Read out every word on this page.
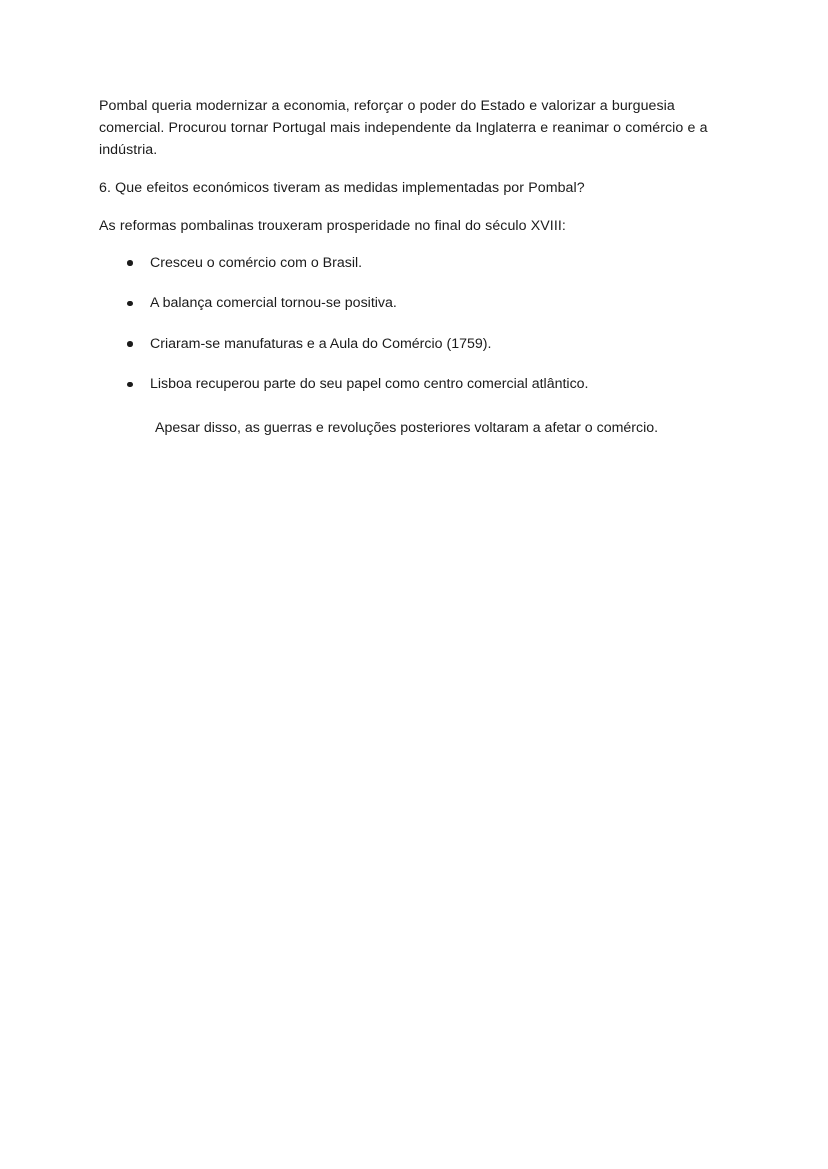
Pombal queria modernizar a economia, reforçar o poder do Estado e valorizar a burguesia comercial. Procurou tornar Portugal mais independente da Inglaterra e reanimar o comércio e a indústria.

6. Que efeitos económicos tiveram as medidas implementadas por Pombal?

As reformas pombalinas trouxeram prosperidade no final do século XVIII:

Cresceu o comércio com o Brasil.
A balança comercial tornou-se positiva.
Criaram-se manufaturas e a Aula do Comércio (1759).
Lisboa recuperou parte do seu papel como centro comercial atlântico.

Apesar disso, as guerras e revoluções posteriores voltaram a afetar o comércio.
